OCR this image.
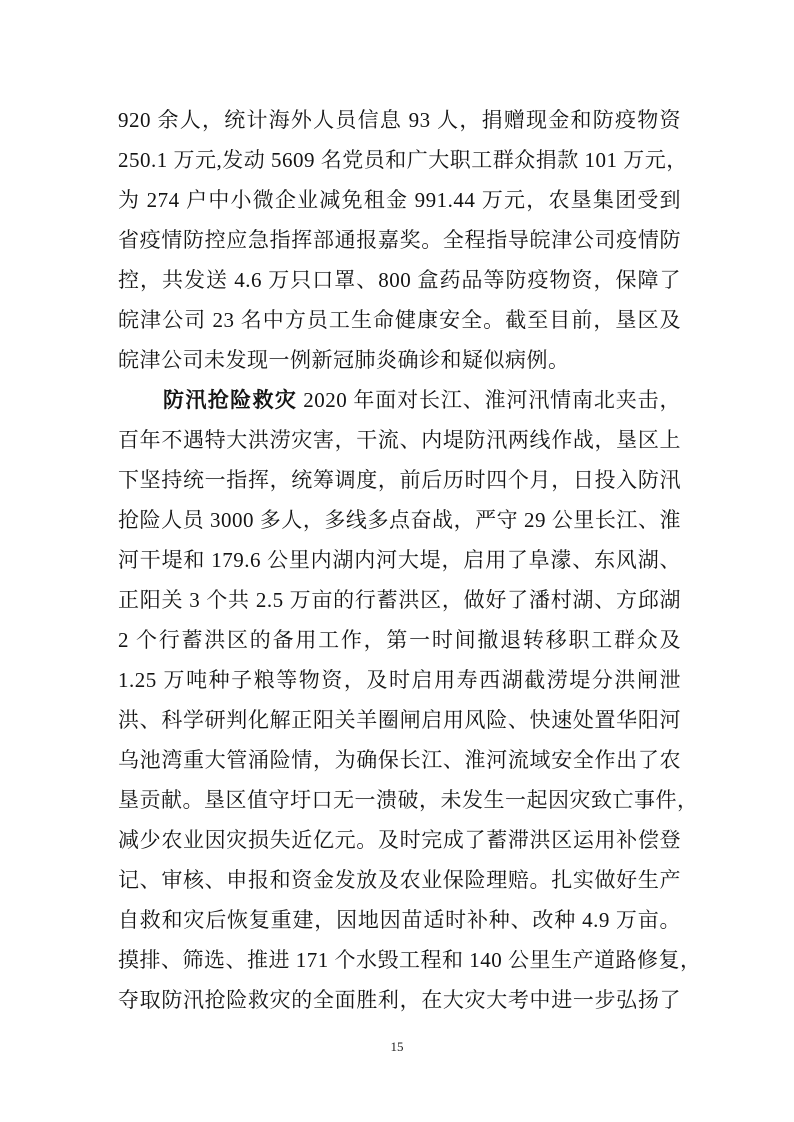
920 余人，统计海外人员信息 93 人，捐赠现金和防疫物资
250.1 万元,发动 5609 名党员和广大职工群众捐款 101 万元，
为 274 户中小微企业减免租金 991.44 万元，农垦集团受到
省疫情防控应急指挥部通报嘉奖。全程指导皖津公司疫情防
控，共发送 4.6 万只口罩、800 盒药品等防疫物资，保障了
皖津公司 23 名中方员工生命健康安全。截至目前，垦区及
皖津公司未发现一例新冠肺炎确诊和疑似病例。
防汛抢险救灾 2020 年面对长江、淮河汛情南北夹击，
百年不遇特大洪涝灾害，干流、内堤防汛两线作战，垦区上
下坚持统一指挥，统筹调度，前后历时四个月，日投入防汛
抢险人员 3000 多人，多线多点奋战，严守 29 公里长江、淮
河干堤和 179.6 公里内湖内河大堤，启用了阜濛、东风湖、
正阳关 3 个共 2.5 万亩的行蓄洪区，做好了潘村湖、方邱湖
2 个行蓄洪区的备用工作，第一时间撤退转移职工群众及
1.25 万吨种子粮等物资，及时启用寿西湖截涝堤分洪闸泄
洪、科学研判化解正阳关羊圈闸启用风险、快速处置华阳河
乌池湾重大管涌险情，为确保长江、淮河流域安全作出了农
垦贡献。垦区值守圩口无一溃破，未发生一起因灾致亡事件，
减少农业因灾损失近亿元。及时完成了蓄滞洪区运用补偿登
记、审核、申报和资金发放及农业保险理赔。扎实做好生产
自救和灾后恢复重建，因地因苗适时补种、改种 4.9 万亩。
摸排、筛选、推进 171 个水毁工程和 140 公里生产道路修复，
夺取防汛抢险救灾的全面胜利，在大灾大考中进一步弘扬了
15
